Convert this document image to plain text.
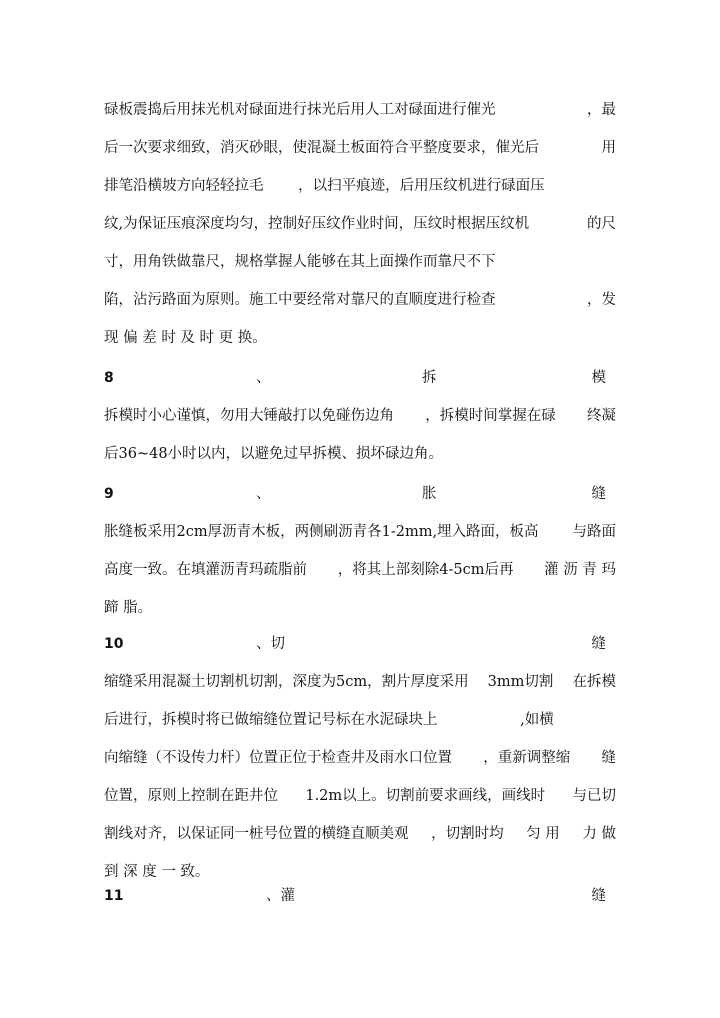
碌板震捣后用抹光机对碌面进行抹光后用人工对碌面进行催光	，最
后一次要求细致，消灭砂眼，使混凝土板面符合平整度要求，催光后	用
排笔沿横坡方向轻轻拉毛 ，以扫平痕迹，后用压纹机进行碌面压
纹,为保证压痕深度均匀，控制好压纹作业时间，压纹时根据压纹机	的尺
寸，用角铁做靠尺，规格掌握人能够在其上面操作而靠尺不下
陷，沾污路面为原则。施工中要经常对靠尺的直顺度进行检查	，发
现 偏 差 时 及 时 更 换。
8	、	拆	模
拆模时小心谨慎，勿用大锤敲打以免碰伤边角 ，拆模时间掌握在碌 终凝
后36~48小时以内，以避免过早拆模、损坏碌边角。
9	、	胀	缝
胀缝板采用2cm厚沥青木板，两侧刷沥青各1-2mm,埋入路面，板高 与路面
高度一致。在填灌沥青玛疏脂前 ，将其上部刻除4-5cm后再 灌 沥 青 玛
蹄 脂。
10	、切	缝
缩缝采用混凝土切割机切割，深度为5cm，割片厚度采用 3mm切割 在拆模
后进行，拆模时将已做缩缝位置记号标在水泥碌块上	,如横
向缩缝（不设传力杆）位置正位于检查井及雨水口位置 ，重新调整缩 缝
位置，原则上控制在距井位 1.2m以上。切割前要求画线，画线时 与已切
割线对齐，以保证同一桩号位置的横缝直顺美观 ，切割时均 匀 用 力 做
到 深 度 一 致。
11	、灌	缝
